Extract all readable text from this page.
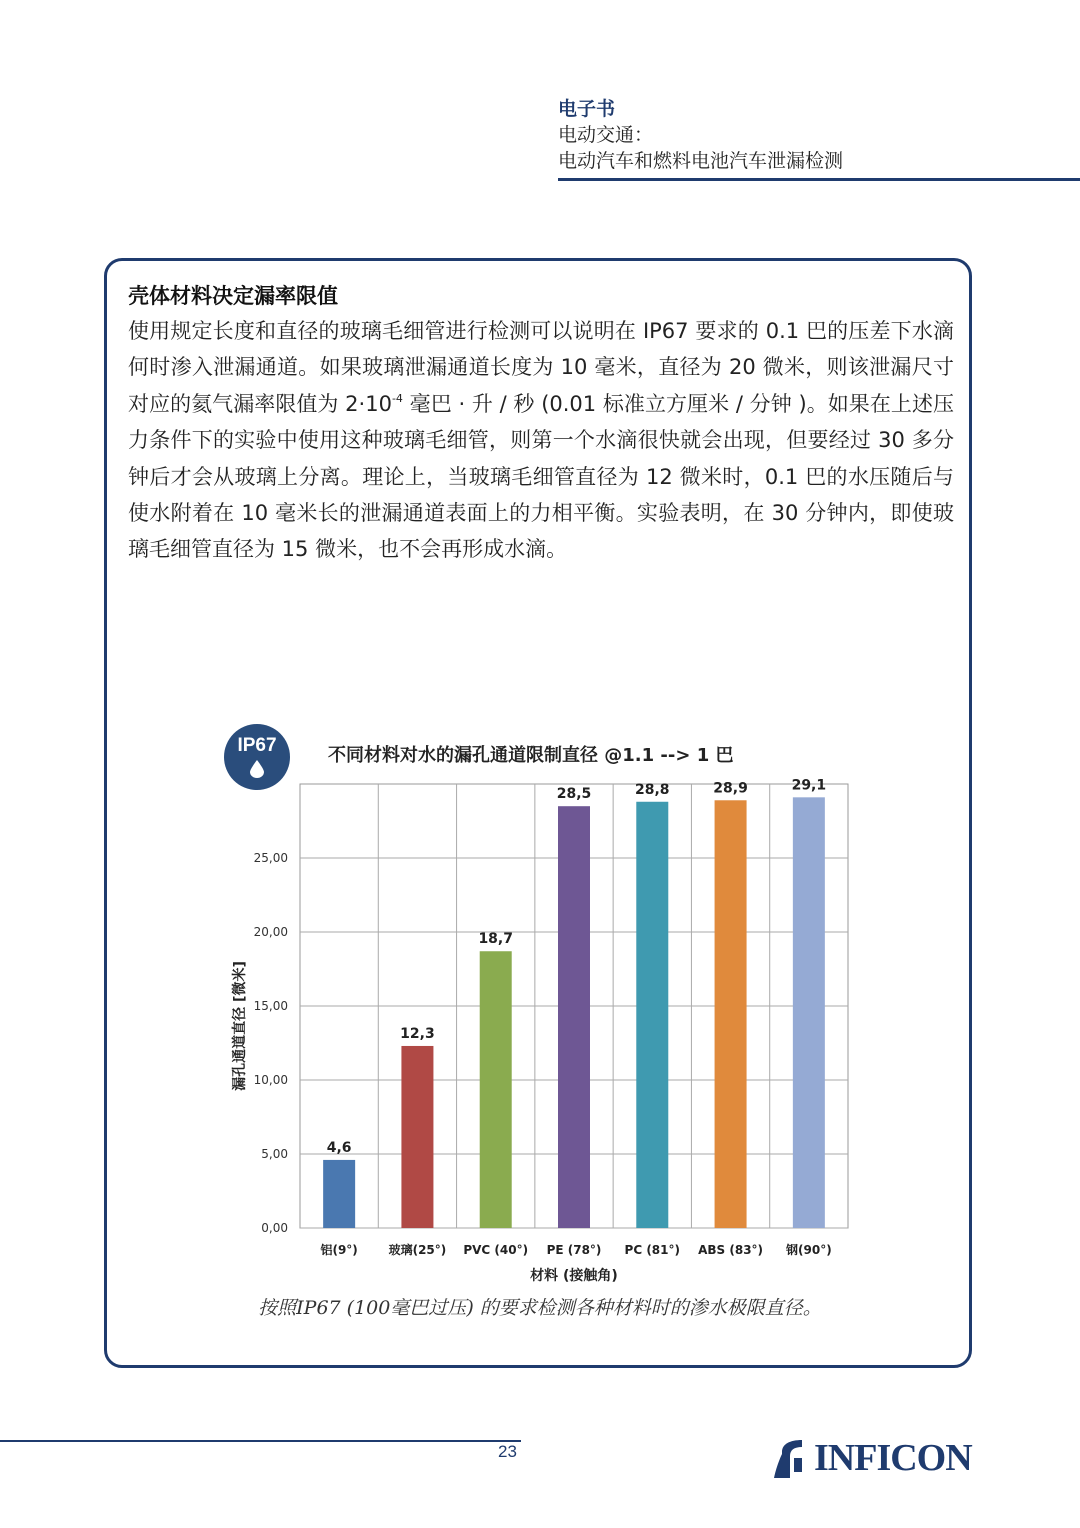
电子书
电动交通：
电动汽车和燃料电池汽车泄漏检测
壳体材料决定漏率限值
使用规定长度和直径的玻璃毛细管进行检测可以说明在 IP67 要求的 0.1 巴的压差下水滴何时渗入泄漏通道。如果玻璃泄漏通道长度为 10 毫米，直径为 20 微米，则该泄漏尺寸对应的氦气漏率限值为 $2\cdot 10^{-4}$ 毫巴 · 升 / 秒 (0.01 标准立方厘米 / 分钟 )。如果在上述压力条件下的实验中使用这种玻璃毛细管，则第一个水滴很快就会出现，但要经过 30 多分钟后才会从玻璃上分离。理论上，当玻璃毛细管直径为 12 微米时，0.1 巴的水压随后与使水附着在 10 毫米长的泄漏通道表面上的力相平衡。实验表明，在 30 分钟内，即使玻璃毛细管直径为 15 微米，也不会再形成水滴。
IP67	不同材料对水的漏孔通道限制直径 @1.1 --> 1 巴
0,00
5,00
10,00
15,00
20,00
25,00
4,6
铝(9°)
12,3
玻璃(25°)
18,7
PVC (40°)
28,5
PE (78°)
28,8
PC (81°)
28,9
ABS (83°)
29,1
钢(90°)
材料 (接触角)
漏孔通道直径 [微米]
按照IP67 (100毫巴过压) 的要求检测各种材料时的渗水极限直径。
23	INFICON
